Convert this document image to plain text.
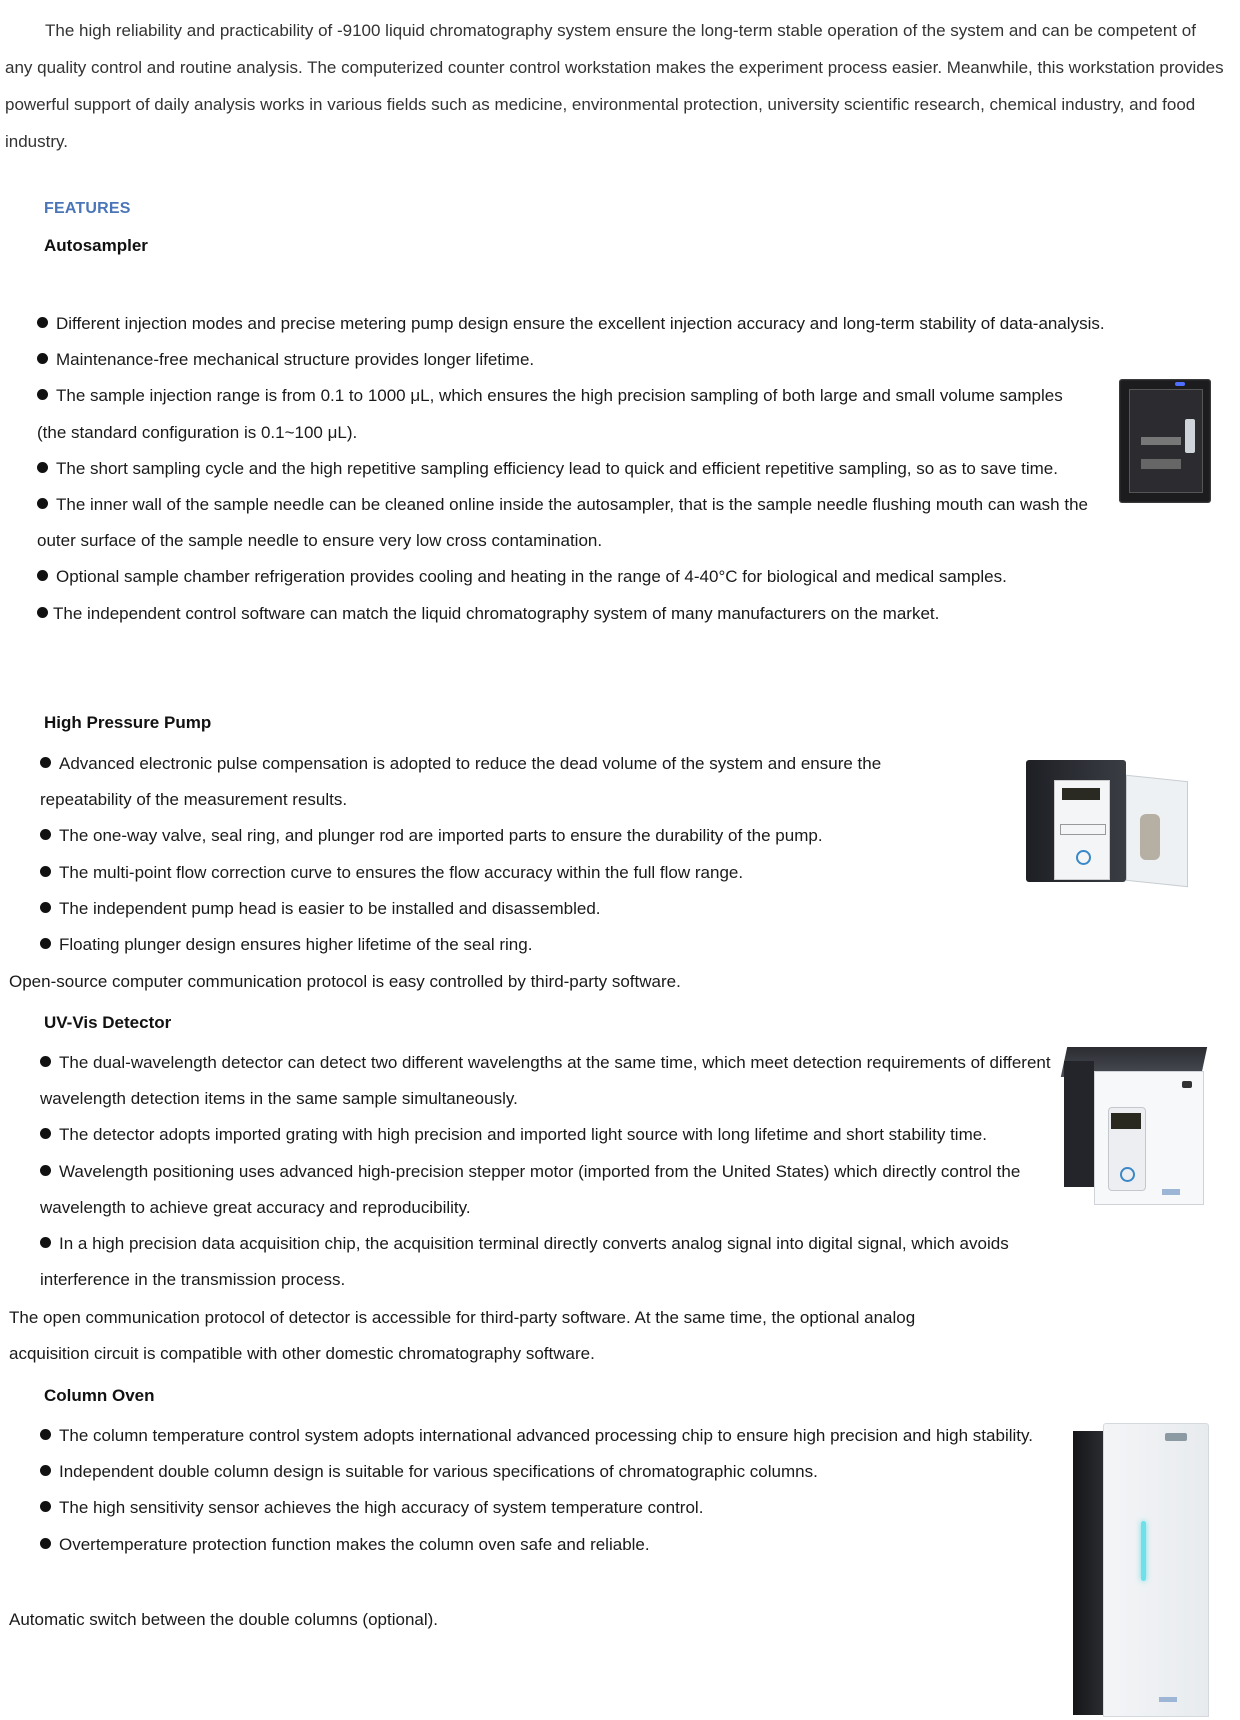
The high reliability and practicability of -9100 liquid chromatography system ensure the long-term stable operation of the system and can be competent of any quality control and routine analysis. The computerized counter control workstation makes the experiment process easier. Meanwhile, this workstation provides powerful support of daily analysis works in various fields such as medicine, environmental protection, university scientific research, chemical industry, and food industry.

FEATURES
Autosampler
Different injection modes and precise metering pump design ensure the excellent injection accuracy and long-term stability of data-analysis.
Maintenance-free mechanical structure provides longer lifetime.
The sample injection range is from 0.1 to 1000 μL, which ensures the high precision sampling of both large and small volume samples (the standard configuration is 0.1~100 μL).
The short sampling cycle and the high repetitive sampling efficiency lead to quick and efficient repetitive sampling, so as to save time.
The inner wall of the sample needle can be cleaned online inside the autosampler, that is the sample needle flushing mouth can wash the outer surface of the sample needle to ensure very low cross contamination.
Optional sample chamber refrigeration provides cooling and heating in the range of 4-40°C for biological and medical samples.
The independent control software can match the liquid chromatography system of many manufacturers on the market.
High Pressure Pump
Advanced electronic pulse compensation is adopted to reduce the dead volume of the system and ensure the repeatability of the measurement results.
The one-way valve, seal ring, and plunger rod are imported parts to ensure the durability of the pump.
The multi-point flow correction curve to ensures the flow accuracy within the full flow range.
The independent pump head is easier to be installed and disassembled.
Floating plunger design ensures higher lifetime of the seal ring.

Open-source computer communication protocol is easy controlled by third-party software.

UV-Vis Detector
The dual-wavelength detector can detect two different wavelengths at the same time, which meet detection requirements of different wavelength detection items in the same sample simultaneously.
The detector adopts imported grating with high precision and imported light source with long lifetime and short stability time.
Wavelength positioning uses advanced high-precision stepper motor (imported from the United States) which directly control the wavelength to achieve great accuracy and reproducibility.
In a high precision data acquisition chip, the acquisition terminal directly converts analog signal into digital signal, which avoids interference in the transmission process.

The open communication protocol of detector is accessible for third-party software. At the same time, the optional analog acquisition circuit is compatible with other domestic chromatography software.

Column Oven
The column temperature control system adopts international advanced processing chip to ensure high precision and high stability.
Independent double column design is suitable for various specifications of chromatographic columns.
The high sensitivity sensor achieves the high accuracy of system temperature control.
Overtemperature protection function makes the column oven safe and reliable.

Automatic switch between the double columns (optional).
